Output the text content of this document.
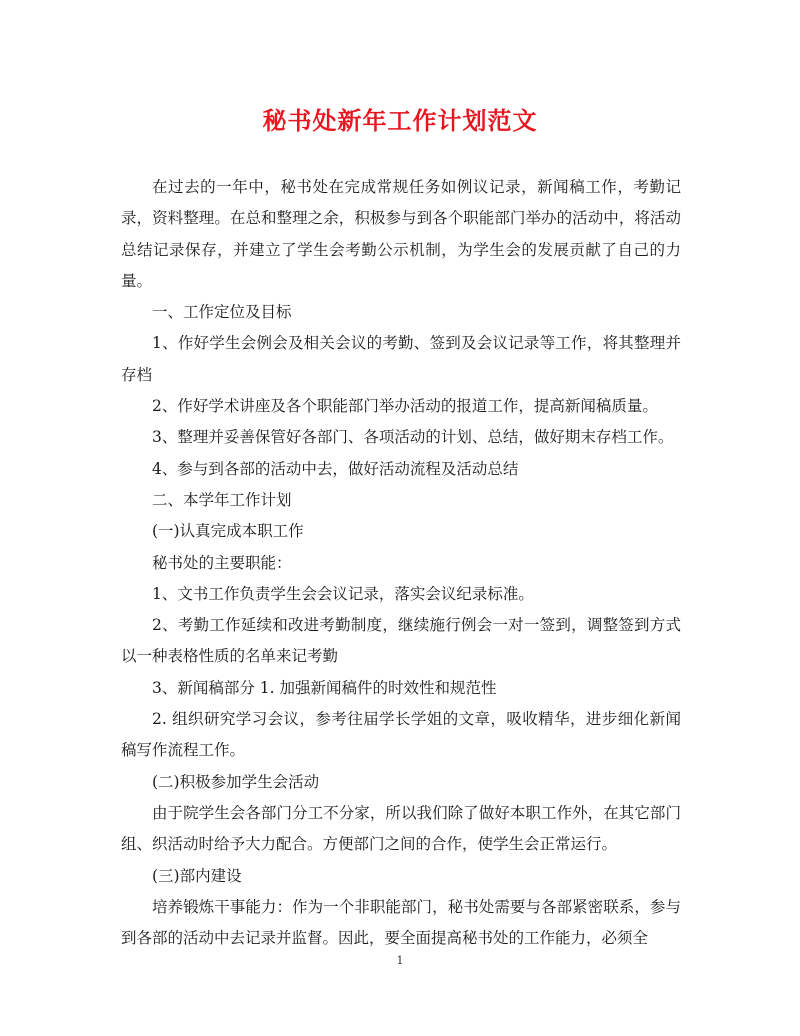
秘书处新年工作计划范文

在过去的一年中，秘书处在完成常规任务如例议记录，新闻稿工作，考勤记录，资料整理。在总和整理之余，积极参与到各个职能部门举办的活动中，将活动总结记录保存，并建立了学生会考勤公示机制，为学生会的发展贡献了自己的力量。

一、工作定位及目标

1、作好学生会例会及相关会议的考勤、签到及会议记录等工作，将其整理并存档

2、作好学术讲座及各个职能部门举办活动的报道工作，提高新闻稿质量。

3、整理并妥善保管好各部门、各项活动的计划、总结，做好期末存档工作。

4、参与到各部的活动中去，做好活动流程及活动总结

二、本学年工作计划

(一)认真完成本职工作

秘书处的主要职能：

1、文书工作负责学生会会议记录，落实会议纪录标准。

2、考勤工作延续和改进考勤制度，继续施行例会一对一签到，调整签到方式以一种表格性质的名单来记考勤

3、新闻稿部分 1. 加强新闻稿件的时效性和规范性

2. 组织研究学习会议，参考往届学长学姐的文章，吸收精华，进步细化新闻稿写作流程工作。

(二)积极参加学生会活动

由于院学生会各部门分工不分家，所以我们除了做好本职工作外，在其它部门组、织活动时给予大力配合。方便部门之间的合作，使学生会正常运行。

(三)部内建设

培养锻炼干事能力：作为一个非职能部门，秘书处需要与各部紧密联系，参与到各部的活动中去记录并监督。因此，要全面提高秘书处的工作能力，必须全

1
